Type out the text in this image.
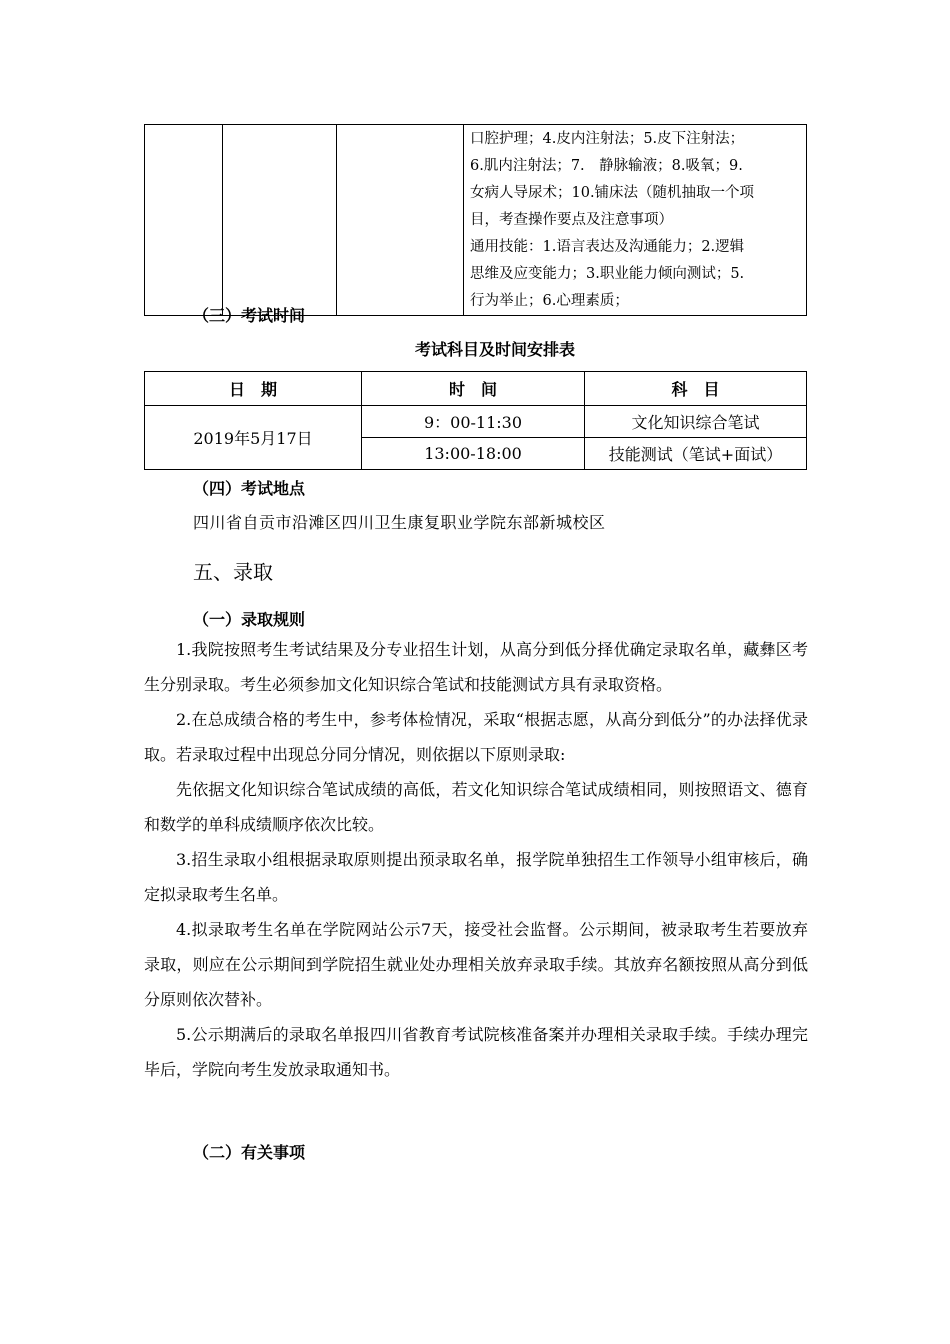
口腔护理；4.皮内注射法；5.皮下注射法；
6.肌内注射法；7.　静脉输液；8.吸氧；9.
女病人导尿术；10.铺床法（随机抽取一个项
目，考查操作要点及注意事项）
通用技能：1.语言表达及沟通能力；2.逻辑
思维及应变能力；3.职业能力倾向测试；5.
行为举止；6.心理素质；
（三）考试时间
考试科目及时间安排表
日　期	时　间	科　目
2019年5月17日	9：00-11:30	文化知识综合笔试
	13:00-18:00	技能测试（笔试+面试）
（四）考试地点
四川省自贡市沿滩区四川卫生康复职业学院东部新城校区
五、录取
（一）录取规则
1.我院按照考生考试结果及分专业招生计划，从高分到低分择优确定录取名单，藏彝区考生分别录取。考生必须参加文化知识综合笔试和技能测试方具有录取资格。
2.在总成绩合格的考生中，参考体检情况，采取“根据志愿，从高分到低分”的办法择优录取。若录取过程中出现总分同分情况，则依据以下原则录取:
先依据文化知识综合笔试成绩的高低，若文化知识综合笔试成绩相同，则按照语文、德育和数学的单科成绩顺序依次比较。
3.招生录取小组根据录取原则提出预录取名单，报学院单独招生工作领导小组审核后，确定拟录取考生名单。
4.拟录取考生名单在学院网站公示7天，接受社会监督。公示期间，被录取考生若要放弃录取，则应在公示期间到学院招生就业处办理相关放弃录取手续。其放弃名额按照从高分到低分原则依次替补。
5.公示期满后的录取名单报四川省教育考试院核准备案并办理相关录取手续。手续办理完毕后，学院向考生发放录取通知书。
（二）有关事项
